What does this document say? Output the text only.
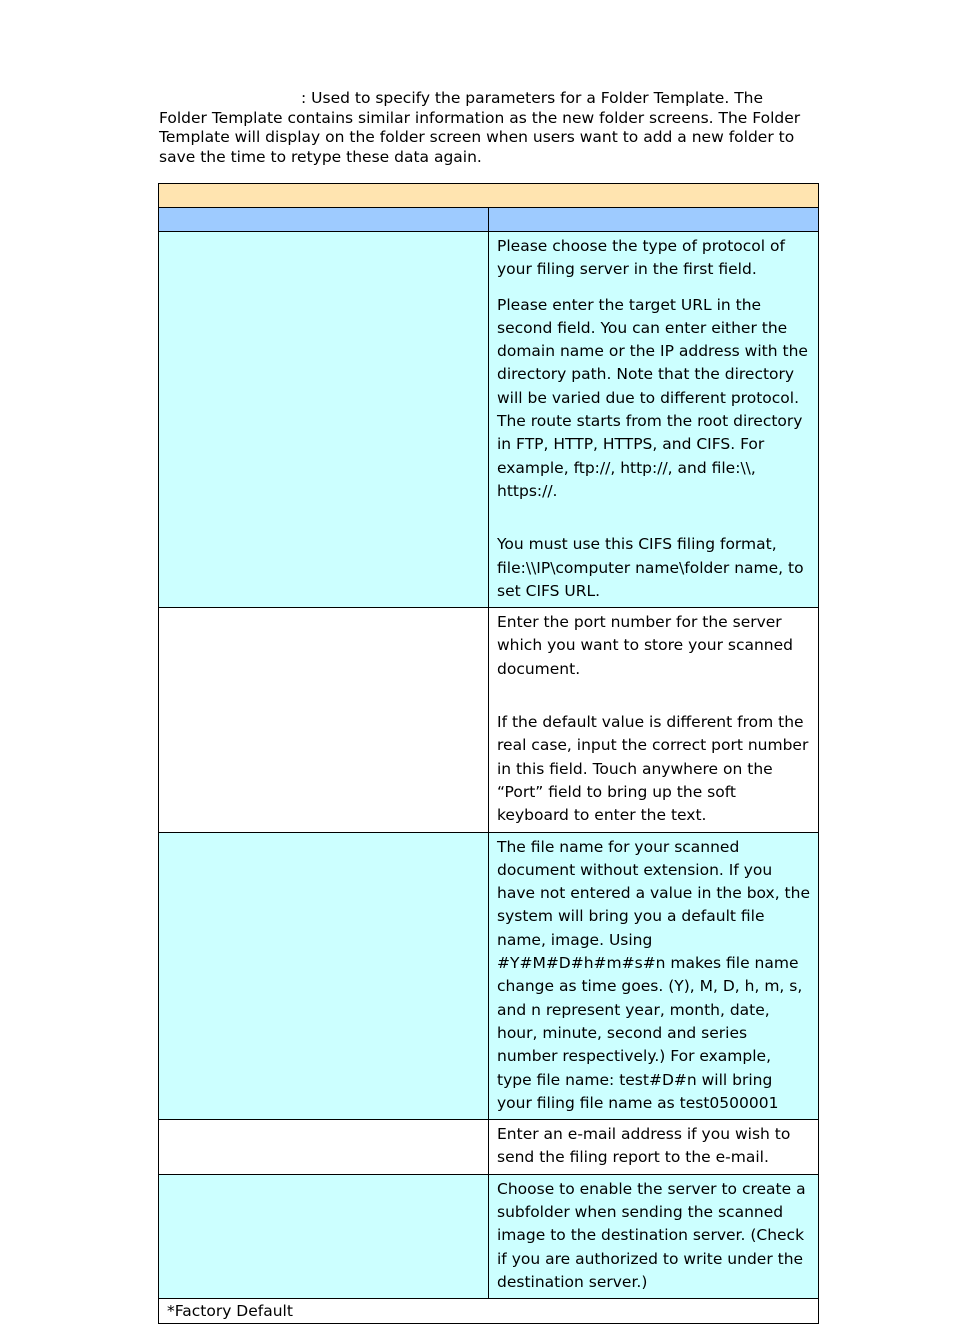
: Used to specify the parameters for a Folder Template. The
Folder Template contains similar information as the new folder screens. The Folder
Template will display on the folder screen when users want to add a new folder to
save the time to retype these data again.

	Please choose the type of protocol of your filing server in the first field.

Please enter the target URL in the second field. You can enter either the domain name or the IP address with the directory path. Note that the directory will be varied due to different protocol. The route starts from the root directory in FTP, HTTP, HTTPS, and CIFS. For example, ftp://, http://, and file:\\, https://.

You must use this CIFS filing format, file:\\IP\computer name\folder name, to set CIFS URL.

	Enter the port number for the server which you want to store your scanned document.

If the default value is different from the real case, input the correct port number in this field. Touch anywhere on the “Port” field to bring up the soft keyboard to enter the text.

	The file name for your scanned document without extension. If you have not entered a value in the box, the system will bring you a default file name, image. Using #Y#M#D#h#m#s#n makes file name change as time goes. (Y), M, D, h, m, s, and n represent year, month, date, hour, minute, second and series number respectively.) For example, type file name: test#D#n will bring your filing file name as test0500001

	Enter an e-mail address if you wish to send the filing report to the e-mail.

	Choose to enable the server to create a subfolder when sending the scanned image to the destination server. (Check if you are authorized to write under the destination server.)

*Factory Default	
